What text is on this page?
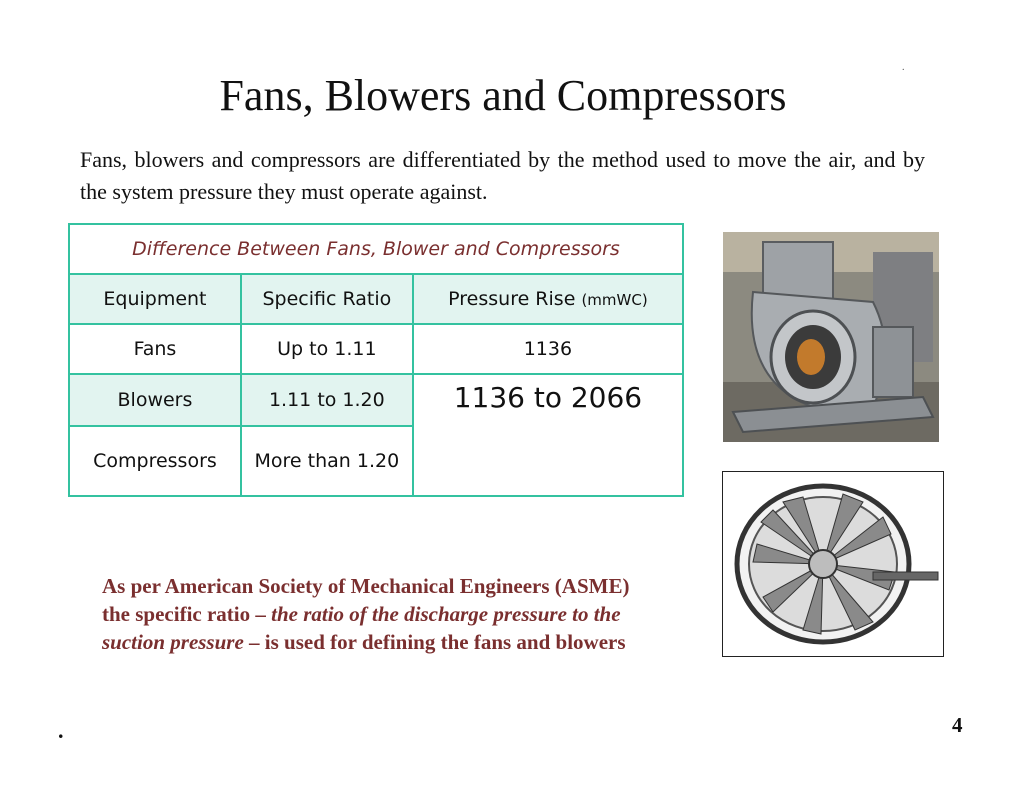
.
Fans, Blowers and Compressors
Fans, blowers and compressors are differentiated by the method used to move the air, and by the system pressure they must operate against.
Difference Between Fans, Blower and Compressors		
Equipment	Specific Ratio	Pressure Rise (mmWC)
Fans	Up to 1.11	1136
Blowers	1.11 to 1.20	1136 to 2066
Compressors	More than 1.20	
As per American Society of Mechanical Engineers (ASME) the specific ratio – the ratio of the discharge pressure to the suction pressure – is used for defining the fans and blowers
.	4
